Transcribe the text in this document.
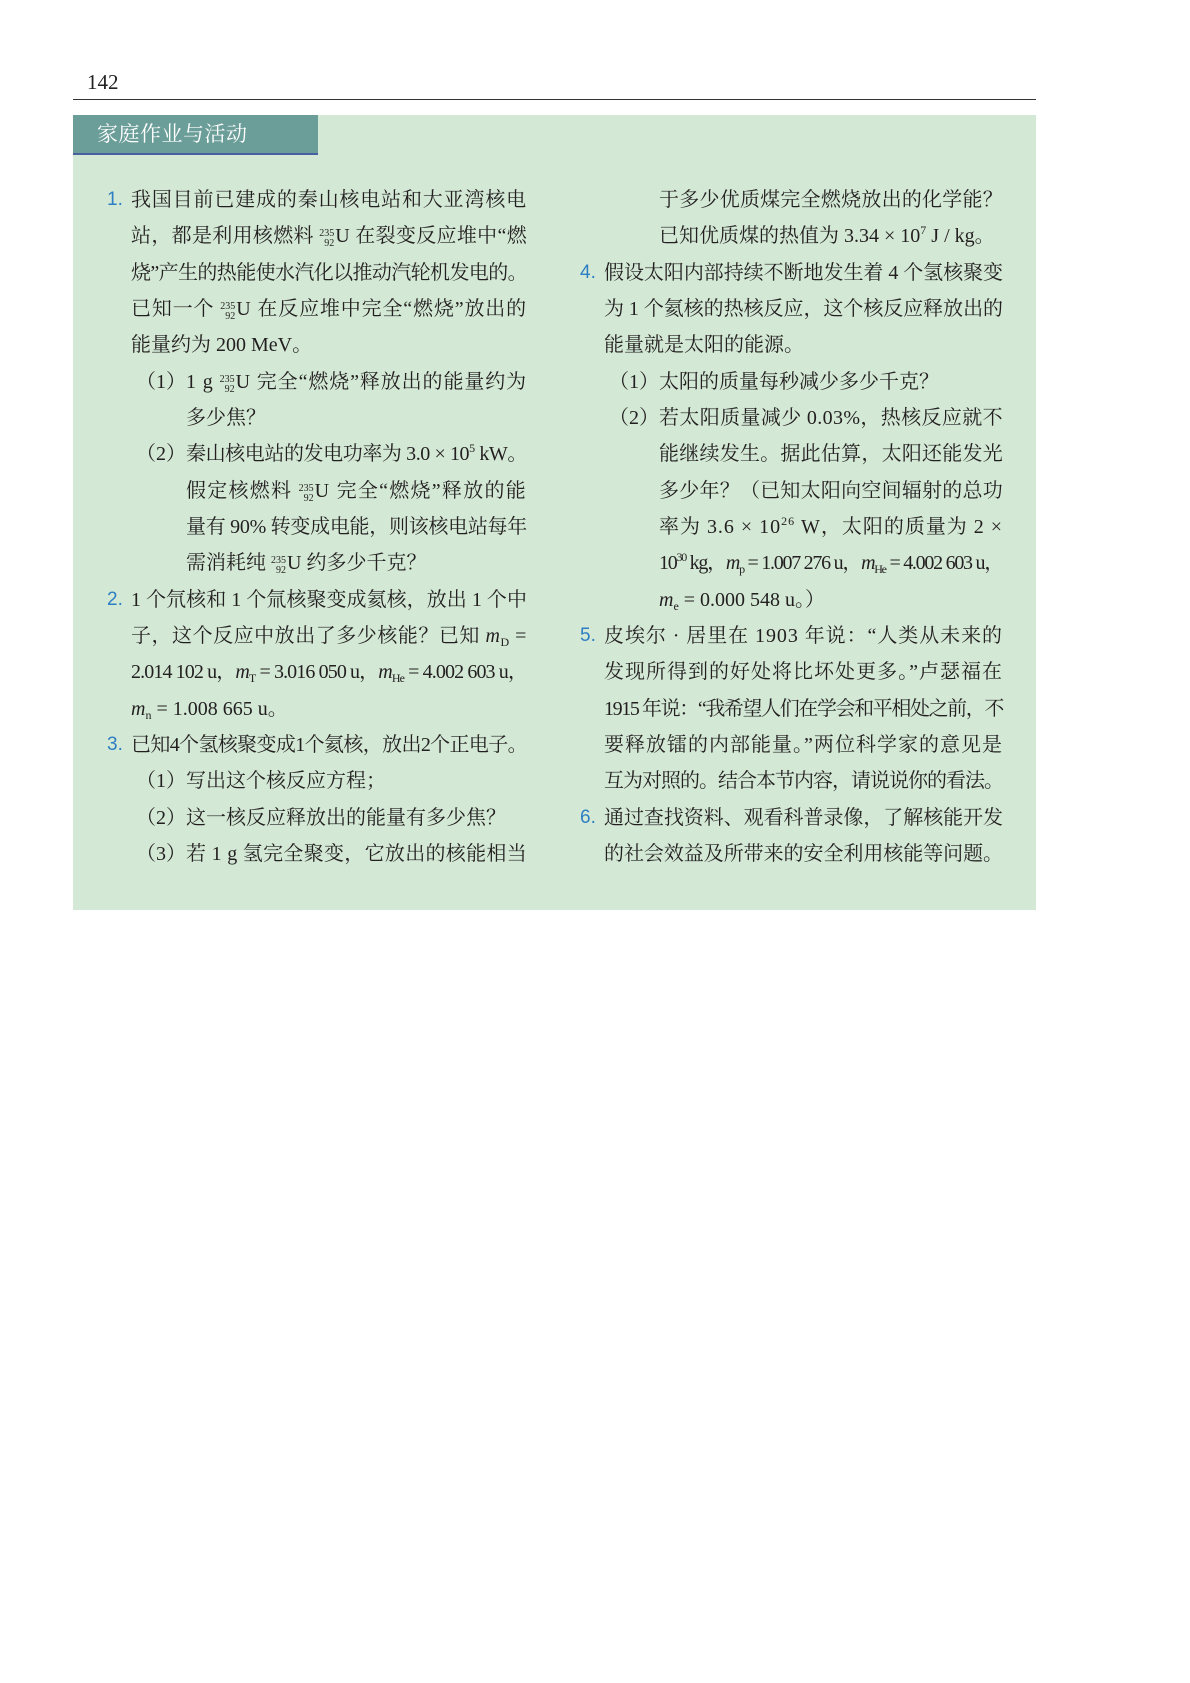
142
家庭作业与活动
1. 我国目前已建成的秦山核电站和大亚湾核电
站，都是利用核燃料 235
92 U 在裂变反应堆中“燃
烧”产生的热能使水汽化以推动汽轮机发电的。
已知一个 235
92 U 在反应堆中完全“燃烧”放出的
能量约为 200 MeV。
（1） 1 g 235
92 U 完全“燃烧”释放出的能量约为
多少焦？
（2） 秦山核电站的发电功率为 $3.0 \times 10^5$ kW。
假定核燃料 235
92 U 完全“燃烧”释放的能
量有 90% 转变成电能，则该核电站每年
需消耗纯 235
92 U 约多少千克？
2. 1 个氘核和 1 个氚核聚变成氦核，放出 1 个中
子，这个反应中放出了多少核能？已知 $m_D$ =
2.014 102 u，$m_T = 3.016$ 050 u，$m_{He} = 4.002$ 603 u，
$m_n = 1.008$ 665 u。
3. 已知4个氢核聚变成1个氦核，放出2个正电子。
（1） 写出这个核反应方程；
（2） 这一核反应释放出的能量有多少焦？
（3） 若 1 g 氢完全聚变，它放出的核能相当
于多少优质煤完全燃烧放出的化学能？
已知优质煤的热值为 $3.34 \times 10^7$ J / kg。
4. 假设太阳内部持续不断地发生着 4 个氢核聚变
为 1 个氦核的热核反应，这个核反应释放出的
能量就是太阳的能源。
（1） 太阳的质量每秒减少多少千克？
（2） 若太阳质量减少 0.03%，热核反应就不
能继续发生。据此估算，太阳还能发光
多少年？（已知太阳向空间辐射的总功
率为 $3.6 \times 10^{26}$ W，太阳的质量为 2 ×
$10^{30}$ kg，$m_p = 1.007$ 276 u，$m_{He} = 4.002$ 603 u，
$m_e = 0.000$ 548 u。）
5. 皮埃尔 · 居里在 1903 年说：“人类从未来的
发现所得到的好处将比坏处更多。”卢瑟福在
1915 年说：“我希望人们在学会和平相处之前，不
要释放镭的内部能量。”两位科学家的意见是
互为对照的。结合本节内容，请说说你的看法。
6. 通过查找资料、观看科普录像，了解核能开发
的社会效益及所带来的安全利用核能等问题。
